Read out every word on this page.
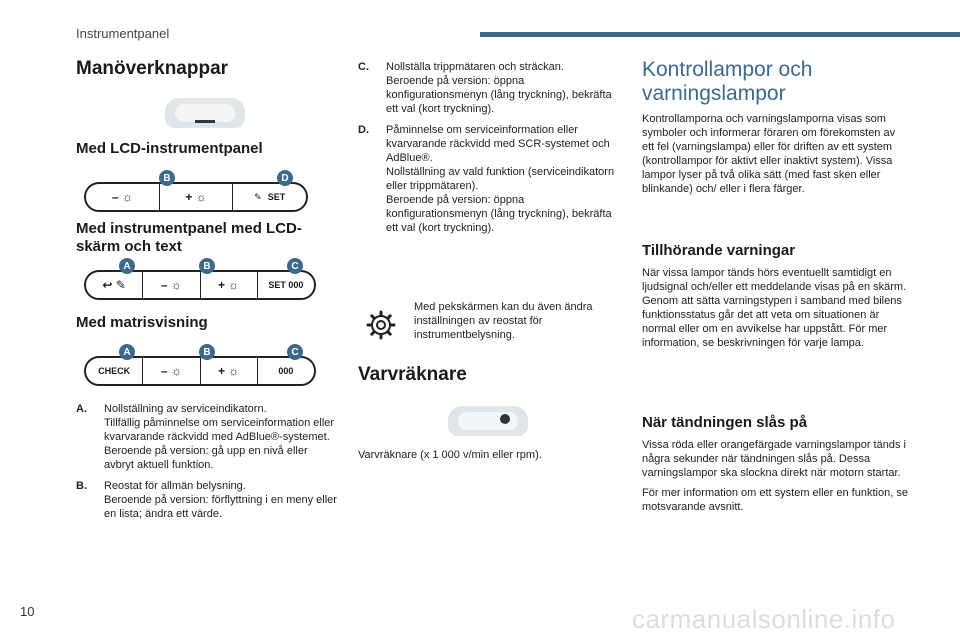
Instrumentpanel
Manöverknappar
Med LCD-instrumentpanel
– ☼	+ ☼	✎ SET
B	D
Med instrumentpanel med LCD-skärm och text
↩ ✎	– ☼	+ ☼	SET 000
A	B	C
Med matrisvisning
CHECK	– ☼	+ ☼	000
A	B	C
A.	Nollställning av serviceindikatorn.
Tillfällig påminnelse om serviceinformation eller kvarvarande räckvidd med AdBlue®-systemet.
Beroende på version: gå upp en nivå eller avbryt aktuell funktion.
B.	Reostat för allmän belysning.
Beroende på version: förflyttning i en meny eller en lista; ändra ett värde.
C.	Nollställa trippmätaren och sträckan.
Beroende på version: öppna konfigurationsmenyn (lång tryckning), bekräfta ett val (kort tryckning).
D.	Påminnelse om serviceinformation eller kvarvarande räckvidd med SCR-systemet och AdBlue®.
Nollställning av vald funktion (serviceindikatorn eller trippmätaren).
Beroende på version: öppna konfigurationsmenyn (lång tryckning), bekräfta ett val (kort tryckning).
Med pekskärmen kan du även ändra inställningen av reostat för instrumentbelysning.
Varvräknare
Varvräknare (x 1 000 v/min eller rpm).
Kontrollampor och varningslampor
Kontrollamporna och varningslamporna visas som symboler och informerar föraren om förekomsten av ett fel (varningslampa) eller för driften av ett system (kontrollampor för aktivt eller inaktivt system). Vissa lampor lyser på två olika sätt (med fast sken eller blinkande) och/ eller i flera färger.
Tillhörande varningar
När vissa lampor tänds hörs eventuellt samtidigt en ljudsignal och/eller ett meddelande visas på en skärm.
Genom att sätta varningstypen i samband med bilens funktionsstatus går det att veta om situationen är normal eller om en avvikelse har uppstått. För mer information, se beskrivningen för varje lampa.
När tändningen slås på
Vissa röda eller orangefärgade varningslampor tänds i några sekunder när tändningen slås på. Dessa varningslampor ska slockna direkt när motorn startar.
För mer information om ett system eller en funktion, se motsvarande avsnitt.
10	carmanualsonline.info
